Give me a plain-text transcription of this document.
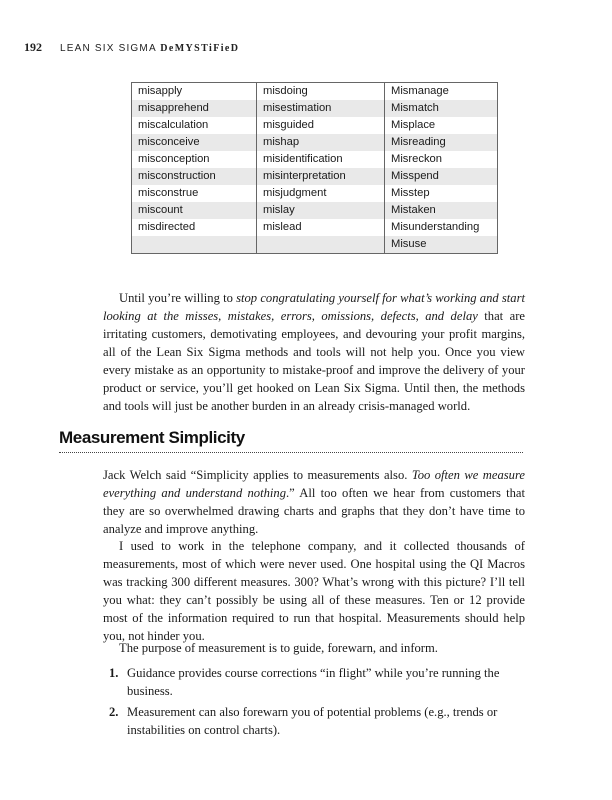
192 LEAN SIX SIGMA DeMYSTiFieD
misapply	misdoing	Mismanage
misapprehend	misestimation	Mismatch
miscalculation	misguided	Misplace
misconceive	mishap	Misreading
misconception	misidentification	Misreckon
misconstruction	misinterpretation	Misspend
misconstrue	misjudgment	Misstep
miscount	mislay	Mistaken
misdirected	mislead	Misunderstanding
		Misuse

Until you’re willing to stop congratulating yourself for what’s working and start looking at the misses, mistakes, errors, omissions, defects, and delay that are irritating customers, demotivating employees, and devouring your profit margins, all of the Lean Six Sigma methods and tools will not help you. Once you view every mistake as an opportunity to mistake-proof and improve the delivery of your product or service, you’ll get hooked on Lean Six Sigma. Until then, the methods and tools will just be another burden in an already crisis-managed world.

Measurement Simplicity

Jack Welch said “Simplicity applies to measurements also. Too often we measure everything and understand nothing.” All too often we hear from customers that they are so overwhelmed drawing charts and graphs that they don’t have time to analyze and improve anything.

I used to work in the telephone company, and it collected thousands of measurements, most of which were never used. One hospital using the QI Macros was tracking 300 different measures. 300? What’s wrong with this picture? I’ll tell you what: they can’t possibly be using all of these measures. Ten or 12 provide most of the information required to run that hospital. Measurements should help you, not hinder you.

The purpose of measurement is to guide, forewarn, and inform.

1. Guidance provides course corrections “in flight” while you’re running the business.
2. Measurement can also forewarn you of potential problems (e.g., trends or instabilities on control charts).
